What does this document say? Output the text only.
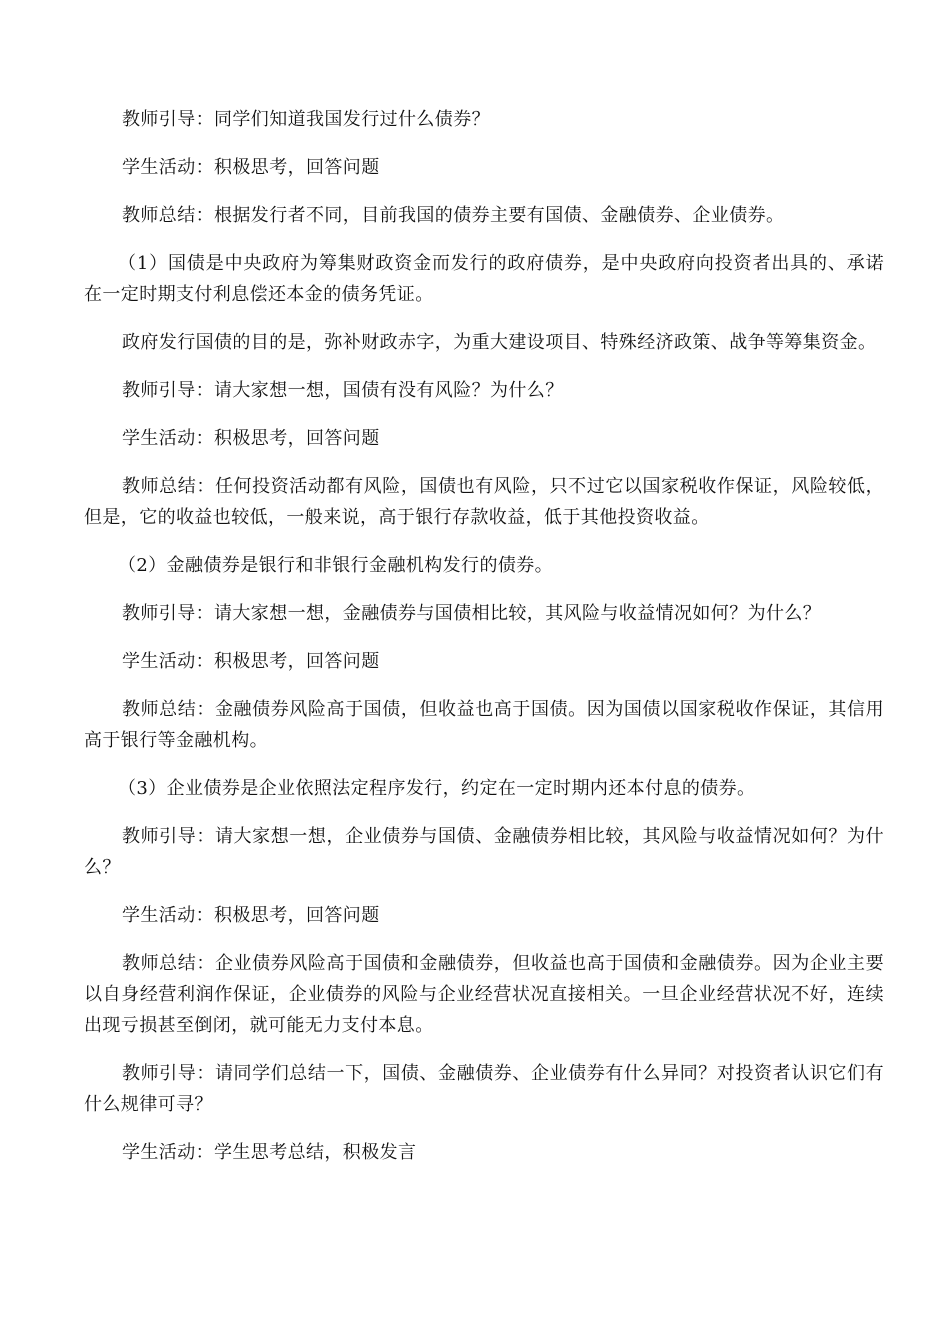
教师引导：同学们知道我国发行过什么债券？

学生活动：积极思考，回答问题

教师总结：根据发行者不同，目前我国的债券主要有国债、金融债券、企业债券。

（1）国债是中央政府为筹集财政资金而发行的政府债券，是中央政府向投资者出具的、承诺在一定时期支付利息偿还本金的债务凭证。

政府发行国债的目的是，弥补财政赤字，为重大建设项目、特殊经济政策、战争等筹集资金。

教师引导：请大家想一想，国债有没有风险？为什么？

学生活动：积极思考，回答问题

教师总结：任何投资活动都有风险，国债也有风险，只不过它以国家税收作保证，风险较低，但是，它的收益也较低，一般来说，高于银行存款收益，低于其他投资收益。

（2）金融债券是银行和非银行金融机构发行的债券。

教师引导：请大家想一想，金融债券与国债相比较，其风险与收益情况如何？为什么？

学生活动：积极思考，回答问题

教师总结：金融债券风险高于国债，但收益也高于国债。因为国债以国家税收作保证，其信用高于银行等金融机构。

（3）企业债券是企业依照法定程序发行，约定在一定时期内还本付息的债券。

教师引导：请大家想一想，企业债券与国债、金融债券相比较，其风险与收益情况如何？为什么？

学生活动：积极思考，回答问题

教师总结：企业债券风险高于国债和金融债券，但收益也高于国债和金融债券。因为企业主要以自身经营利润作保证，企业债券的风险与企业经营状况直接相关。一旦企业经营状况不好，连续出现亏损甚至倒闭，就可能无力支付本息。

教师引导：请同学们总结一下，国债、金融债券、企业债券有什么异同？对投资者认识它们有什么规律可寻？

学生活动：学生思考总结，积极发言
